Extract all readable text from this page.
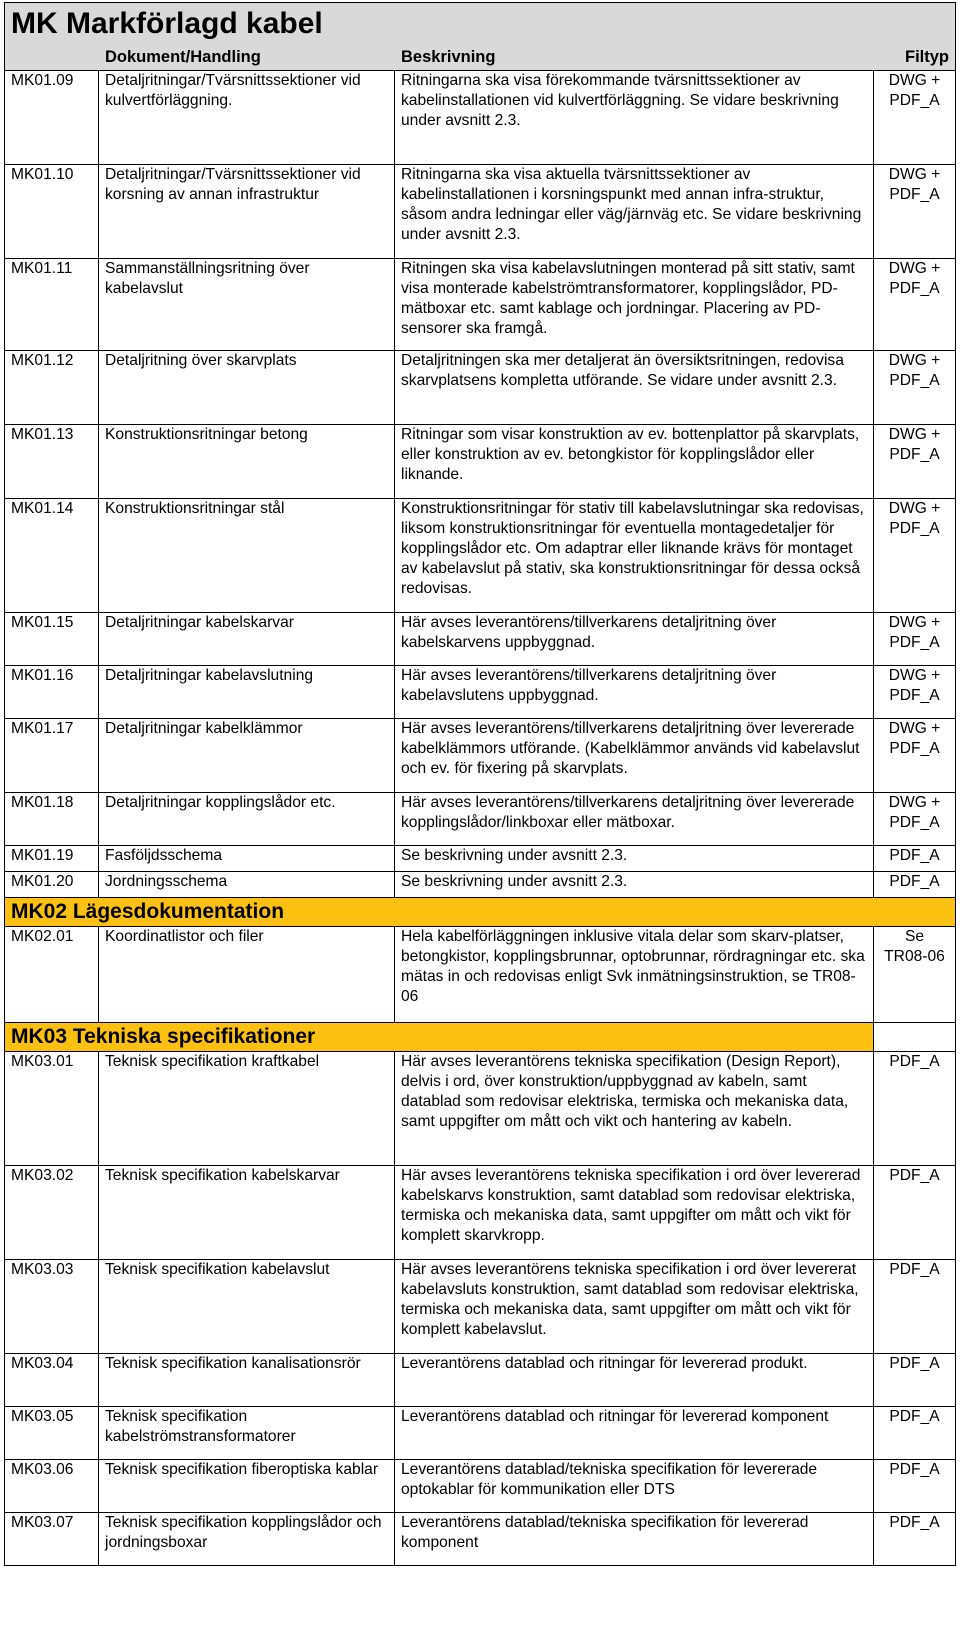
MK Markförlagd kabel
Dokument/Handling	Beskrivning	Filtyp
MK01.09	Detaljritningar/Tvärsnittssektioner vid kulvertförläggning.	Ritningarna ska visa förekommande tvärsnittssektioner av kabelinstallationen vid kulvertförläggning. Se vidare beskrivning under avsnitt 2.3.	DWG + PDF_A
MK01.10	Detaljritningar/Tvärsnittssektioner vid korsning av annan infrastruktur	Ritningarna ska visa aktuella tvärsnittssektioner av kabelinstallationen i korsningspunkt med annan infra-struktur, såsom andra ledningar eller väg/järnväg etc. Se vidare beskrivning under avsnitt 2.3.	DWG + PDF_A
MK01.11	Sammanställningsritning över kabelavslut	Ritningen ska visa kabelavslutningen monterad på sitt stativ, samt visa monterade kabelströmtransformatorer, kopplingslådor, PD-mätboxar etc. samt kablage och jordningar. Placering av PD-sensorer ska framgå.	DWG + PDF_A
MK01.12	Detaljritning över skarvplats	Detaljritningen ska mer detaljerat än översiktsritningen, redovisa skarvplatsens kompletta utförande. Se vidare under avsnitt 2.3.	DWG + PDF_A
MK01.13	Konstruktionsritningar betong	Ritningar som visar konstruktion av ev. bottenplattor på skarvplats, eller konstruktion av ev. betongkistor för kopplingslådor eller liknande.	DWG + PDF_A
MK01.14	Konstruktionsritningar stål	Konstruktionsritningar för stativ till kabelavslutningar ska redovisas, liksom konstruktionsritningar för eventuella montagedetaljer för kopplingslådor etc. Om adaptrar eller liknande krävs för montaget av kabelavslut på stativ, ska konstruktionsritningar för dessa också redovisas.	DWG + PDF_A
MK01.15	Detaljritningar kabelskarvar	Här avses leverantörens/tillverkarens detaljritning över kabelskarvens uppbyggnad.	DWG + PDF_A
MK01.16	Detaljritningar kabelavslutning	Här avses leverantörens/tillverkarens detaljritning över kabelavslutens uppbyggnad.	DWG + PDF_A
MK01.17	Detaljritningar kabelklämmor	Här avses leverantörens/tillverkarens detaljritning över levererade kabelklämmors utförande. (Kabelklämmor används vid kabelavslut och ev. för fixering på skarvplats.	DWG + PDF_A
MK01.18	Detaljritningar kopplingslådor etc.	Här avses leverantörens/tillverkarens detaljritning över levererade kopplingslådor/linkboxar eller mätboxar.	DWG + PDF_A
MK01.19	Fasföljdsschema	Se beskrivning under avsnitt 2.3.	PDF_A
MK01.20	Jordningsschema	Se beskrivning under avsnitt 2.3.	PDF_A
MK02 Lägesdokumentation			
MK02.01	Koordinatlistor och filer	Hela kabelförläggningen inklusive vitala delar som skarv-platser, betongkistor, kopplingsbrunnar, optobrunnar, rördragningar etc. ska mätas in och redovisas enligt Svk inmätningsinstruktion, se TR08-06	Se TR08-06
MK03 Tekniska specifikationer			
MK03.01	Teknisk specifikation kraftkabel	Här avses leverantörens tekniska specifikation (Design Report), delvis i ord, över konstruktion/uppbyggnad av kabeln, samt datablad som redovisar elektriska, termiska och mekaniska data, samt uppgifter om mått och vikt och hantering av kabeln.	PDF_A
MK03.02	Teknisk specifikation kabelskarvar	Här avses leverantörens tekniska specifikation i ord över levererad kabelskarvs konstruktion, samt datablad som redovisar elektriska, termiska och mekaniska data, samt uppgifter om mått och vikt för komplett skarvkropp.	PDF_A
MK03.03	Teknisk specifikation kabelavslut	Här avses leverantörens tekniska specifikation i ord över levererat kabelavsluts konstruktion, samt datablad som redovisar elektriska, termiska och mekaniska data, samt uppgifter om mått och vikt för komplett kabelavslut.	PDF_A
MK03.04	Teknisk specifikation kanalisationsrör	Leverantörens datablad och ritningar för levererad produkt.	PDF_A
MK03.05	Teknisk specifikation kabelströmstransformatorer	Leverantörens datablad och ritningar för levererad komponent	PDF_A
MK03.06	Teknisk specifikation fiberoptiska kablar	Leverantörens datablad/tekniska specifikation för levererade optokablar för kommunikation eller DTS	PDF_A
MK03.07	Teknisk specifikation kopplingslådor och jordningsboxar	Leverantörens datablad/tekniska specifikation för levererad komponent	PDF_A
